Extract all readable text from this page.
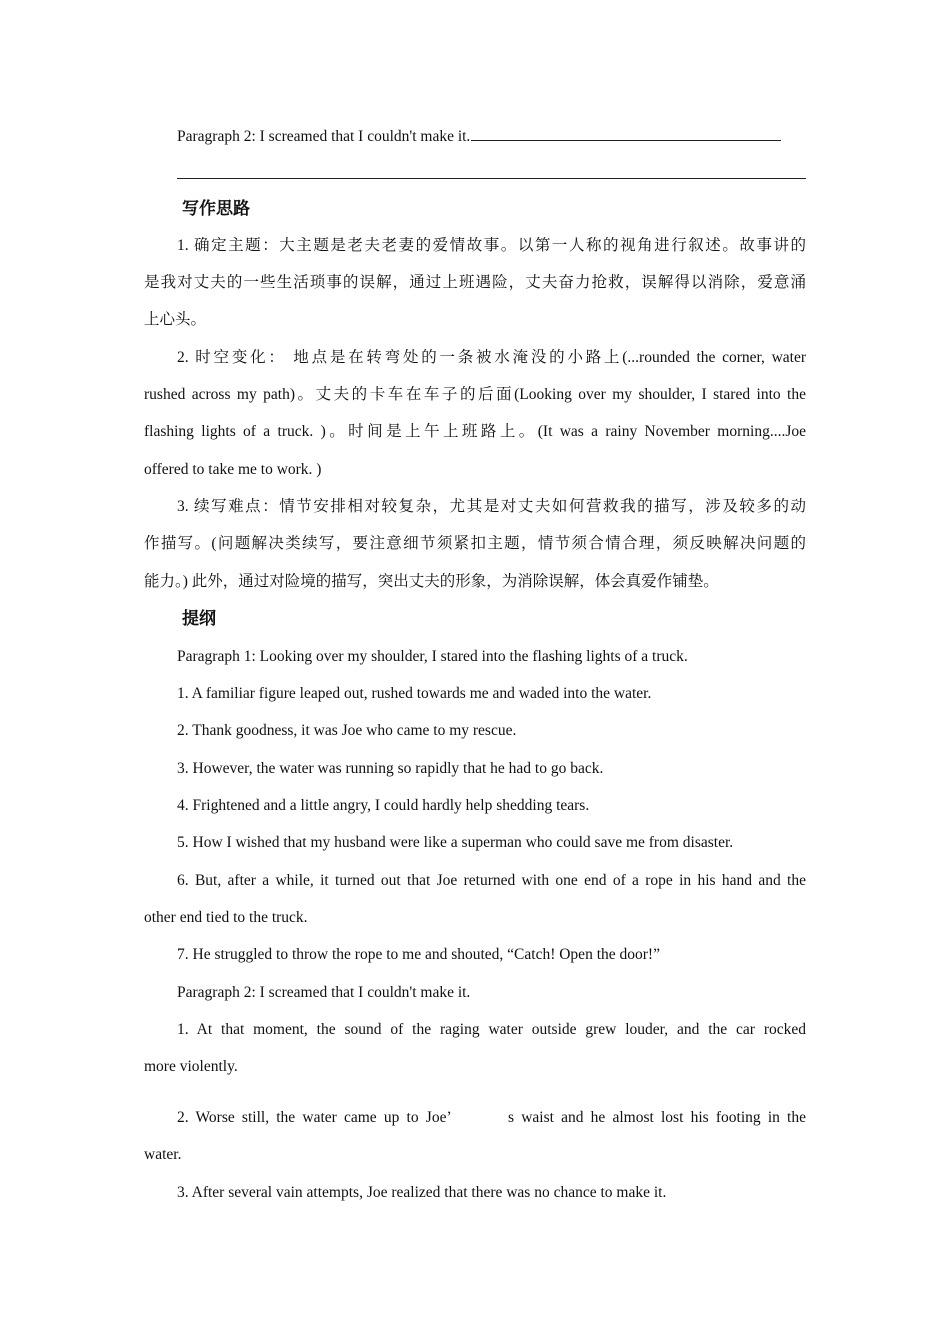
Paragraph 2: I screamed that I couldn't make it.
写作思路
1. 确定主题：大主题是老夫老妻的爱情故事。以第一人称的视角进行叙述。故事讲的
是我对丈夫的一些生活琐事的误解，通过上班遇险，丈夫奋力抢救，误解得以消除，爱意涌
上心头。
2. 时空变化： 地点是在转弯处的一条被水淹没的小路上(...rounded the corner, water
rushed across my path)。丈夫的卡车在车子的后面(Looking over my shoulder, I stared into the
flashing lights of a truck. )。时间是上午上班路上。(It was a rainy November morning....Joe
offered to take me to work. )
3. 续写难点：情节安排相对较复杂，尤其是对丈夫如何营救我的描写，涉及较多的动
作描写。(问题解决类续写，要注意细节须紧扣主题，情节须合情合理，须反映解决问题的
能力。) 此外，通过对险境的描写，突出丈夫的形象，为消除误解，体会真爱作铺垫。
提纲
Paragraph 1: Looking over my shoulder, I stared into the flashing lights of a truck.
1. A familiar figure leaped out, rushed towards me and waded into the water.
2. Thank goodness, it was Joe who came to my rescue.
3. However, the water was running so rapidly that he had to go back.
4. Frightened and a little angry, I could hardly help shedding tears.
5. How I wished that my husband were like a superman who could save me from disaster.
6. But, after a while, it turned out that Joe returned with one end of a rope in his hand and the
other end tied to the truck.
7. He struggled to throw the rope to me and shouted, “Catch! Open the door!”
Paragraph 2: I screamed that I couldn't make it.
1. At that moment, the sound of the raging water outside grew louder, and the car rocked
more violently.
2. Worse still, the water came up to Joe’        s waist and he almost lost his footing in the
water.
3. After several vain attempts, Joe realized that there was no chance to make it.
